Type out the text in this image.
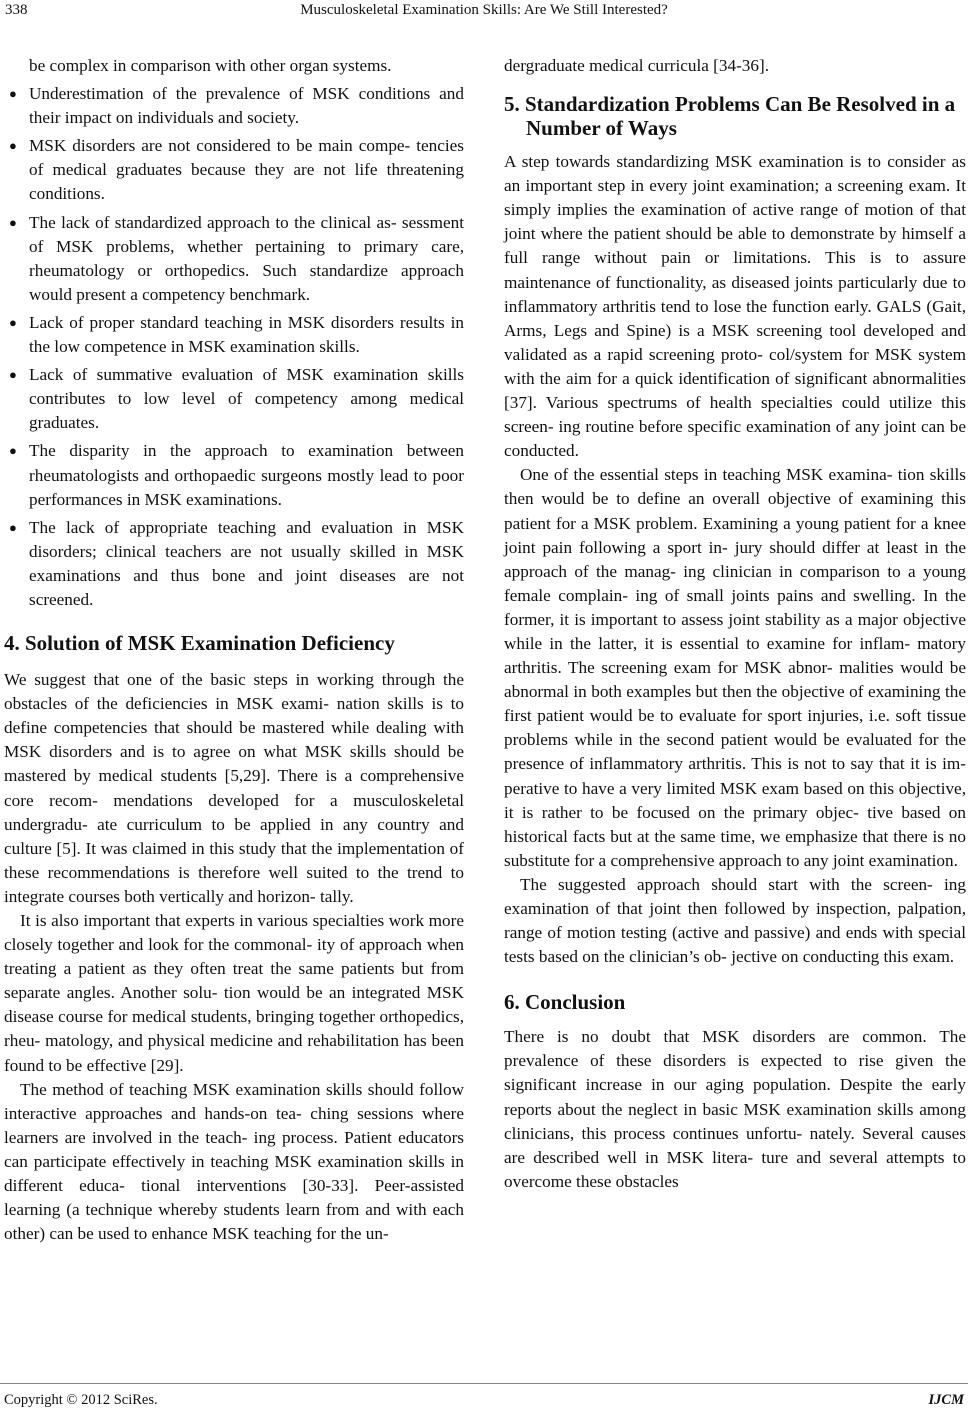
338	Musculoskeletal Examination Skills: Are We Still Interested?

be complex in comparison with other organ systems.

● Underestimation of the prevalence of MSK conditions and their impact on individuals and society.
● MSK disorders are not considered to be main compe- tencies of medical graduates because they are not life threatening conditions.
● The lack of standardized approach to the clinical as- sessment of MSK problems, whether pertaining to primary care, rheumatology or orthopedics. Such standardize approach would present a competency benchmark.
● Lack of proper standard teaching in MSK disorders results in the low competence in MSK examination skills.
● Lack of summative evaluation of MSK examination skills contributes to low level of competency among medical graduates.
● The disparity in the approach to examination between rheumatologists and orthopaedic surgeons mostly lead to poor performances in MSK examinations.
● The lack of appropriate teaching and evaluation in MSK disorders; clinical teachers are not usually skilled in MSK examinations and thus bone and joint diseases are not screened.
4. Solution of MSK Examination Deficiency

We suggest that one of the basic steps in working through the obstacles of the deficiencies in MSK exami- nation skills is to define competencies that should be mastered while dealing with MSK disorders and is to agree on what MSK skills should be mastered by medical students [5,29]. There is a comprehensive core recom- mendations developed for a musculoskeletal undergradu- ate curriculum to be applied in any country and culture [5]. It was claimed in this study that the implementation of these recommendations is therefore well suited to the trend to integrate courses both vertically and horizon- tally.

It is also important that experts in various specialties work more closely together and look for the commonal- ity of approach when treating a patient as they often treat the same patients but from separate angles. Another solu- tion would be an integrated MSK disease course for medical students, bringing together orthopedics, rheu- matology, and physical medicine and rehabilitation has been found to be effective [29].

The method of teaching MSK examination skills should follow interactive approaches and hands-on tea- ching sessions where learners are involved in the teach- ing process. Patient educators can participate effectively in teaching MSK examination skills in different educa- tional interventions [30-33]. Peer-assisted learning (a technique whereby students learn from and with each other) can be used to enhance MSK teaching for the un-

dergraduate medical curricula [34-36].

5. Standardization Problems Can Be Resolved in a Number of Ways

A step towards standardizing MSK examination is to consider as an important step in every joint examination; a screening exam. It simply implies the examination of active range of motion of that joint where the patient should be able to demonstrate by himself a full range without pain or limitations. This is to assure maintenance of functionality, as diseased joints particularly due to inflammatory arthritis tend to lose the function early. GALS (Gait, Arms, Legs and Spine) is a MSK screening tool developed and validated as a rapid screening proto- col/system for MSK system with the aim for a quick identification of significant abnormalities [37]. Various spectrums of health specialties could utilize this screen- ing routine before specific examination of any joint can be conducted.

One of the essential steps in teaching MSK examina- tion skills then would be to define an overall objective of examining this patient for a MSK problem. Examining a young patient for a knee joint pain following a sport in- jury should differ at least in the approach of the manag- ing clinician in comparison to a young female complain- ing of small joints pains and swelling. In the former, it is important to assess joint stability as a major objective while in the latter, it is essential to examine for inflam- matory arthritis. The screening exam for MSK abnor- malities would be abnormal in both examples but then the objective of examining the first patient would be to evaluate for sport injuries, i.e. soft tissue problems while in the second patient would be evaluated for the presence of inflammatory arthritis. This is not to say that it is im- perative to have a very limited MSK exam based on this objective, it is rather to be focused on the primary objec- tive based on historical facts but at the same time, we emphasize that there is no substitute for a comprehensive approach to any joint examination.

The suggested approach should start with the screen- ing examination of that joint then followed by inspection, palpation, range of motion testing (active and passive) and ends with special tests based on the clinician’s ob- jective on conducting this exam.

6. Conclusion

There is no doubt that MSK disorders are common. The prevalence of these disorders is expected to rise given the significant increase in our aging population. Despite the early reports about the neglect in basic MSK examination skills among clinicians, this process continues unfortu- nately. Several causes are described well in MSK litera- ture and several attempts to overcome these obstacles

Copyright © 2012 SciRes.	IJCM
